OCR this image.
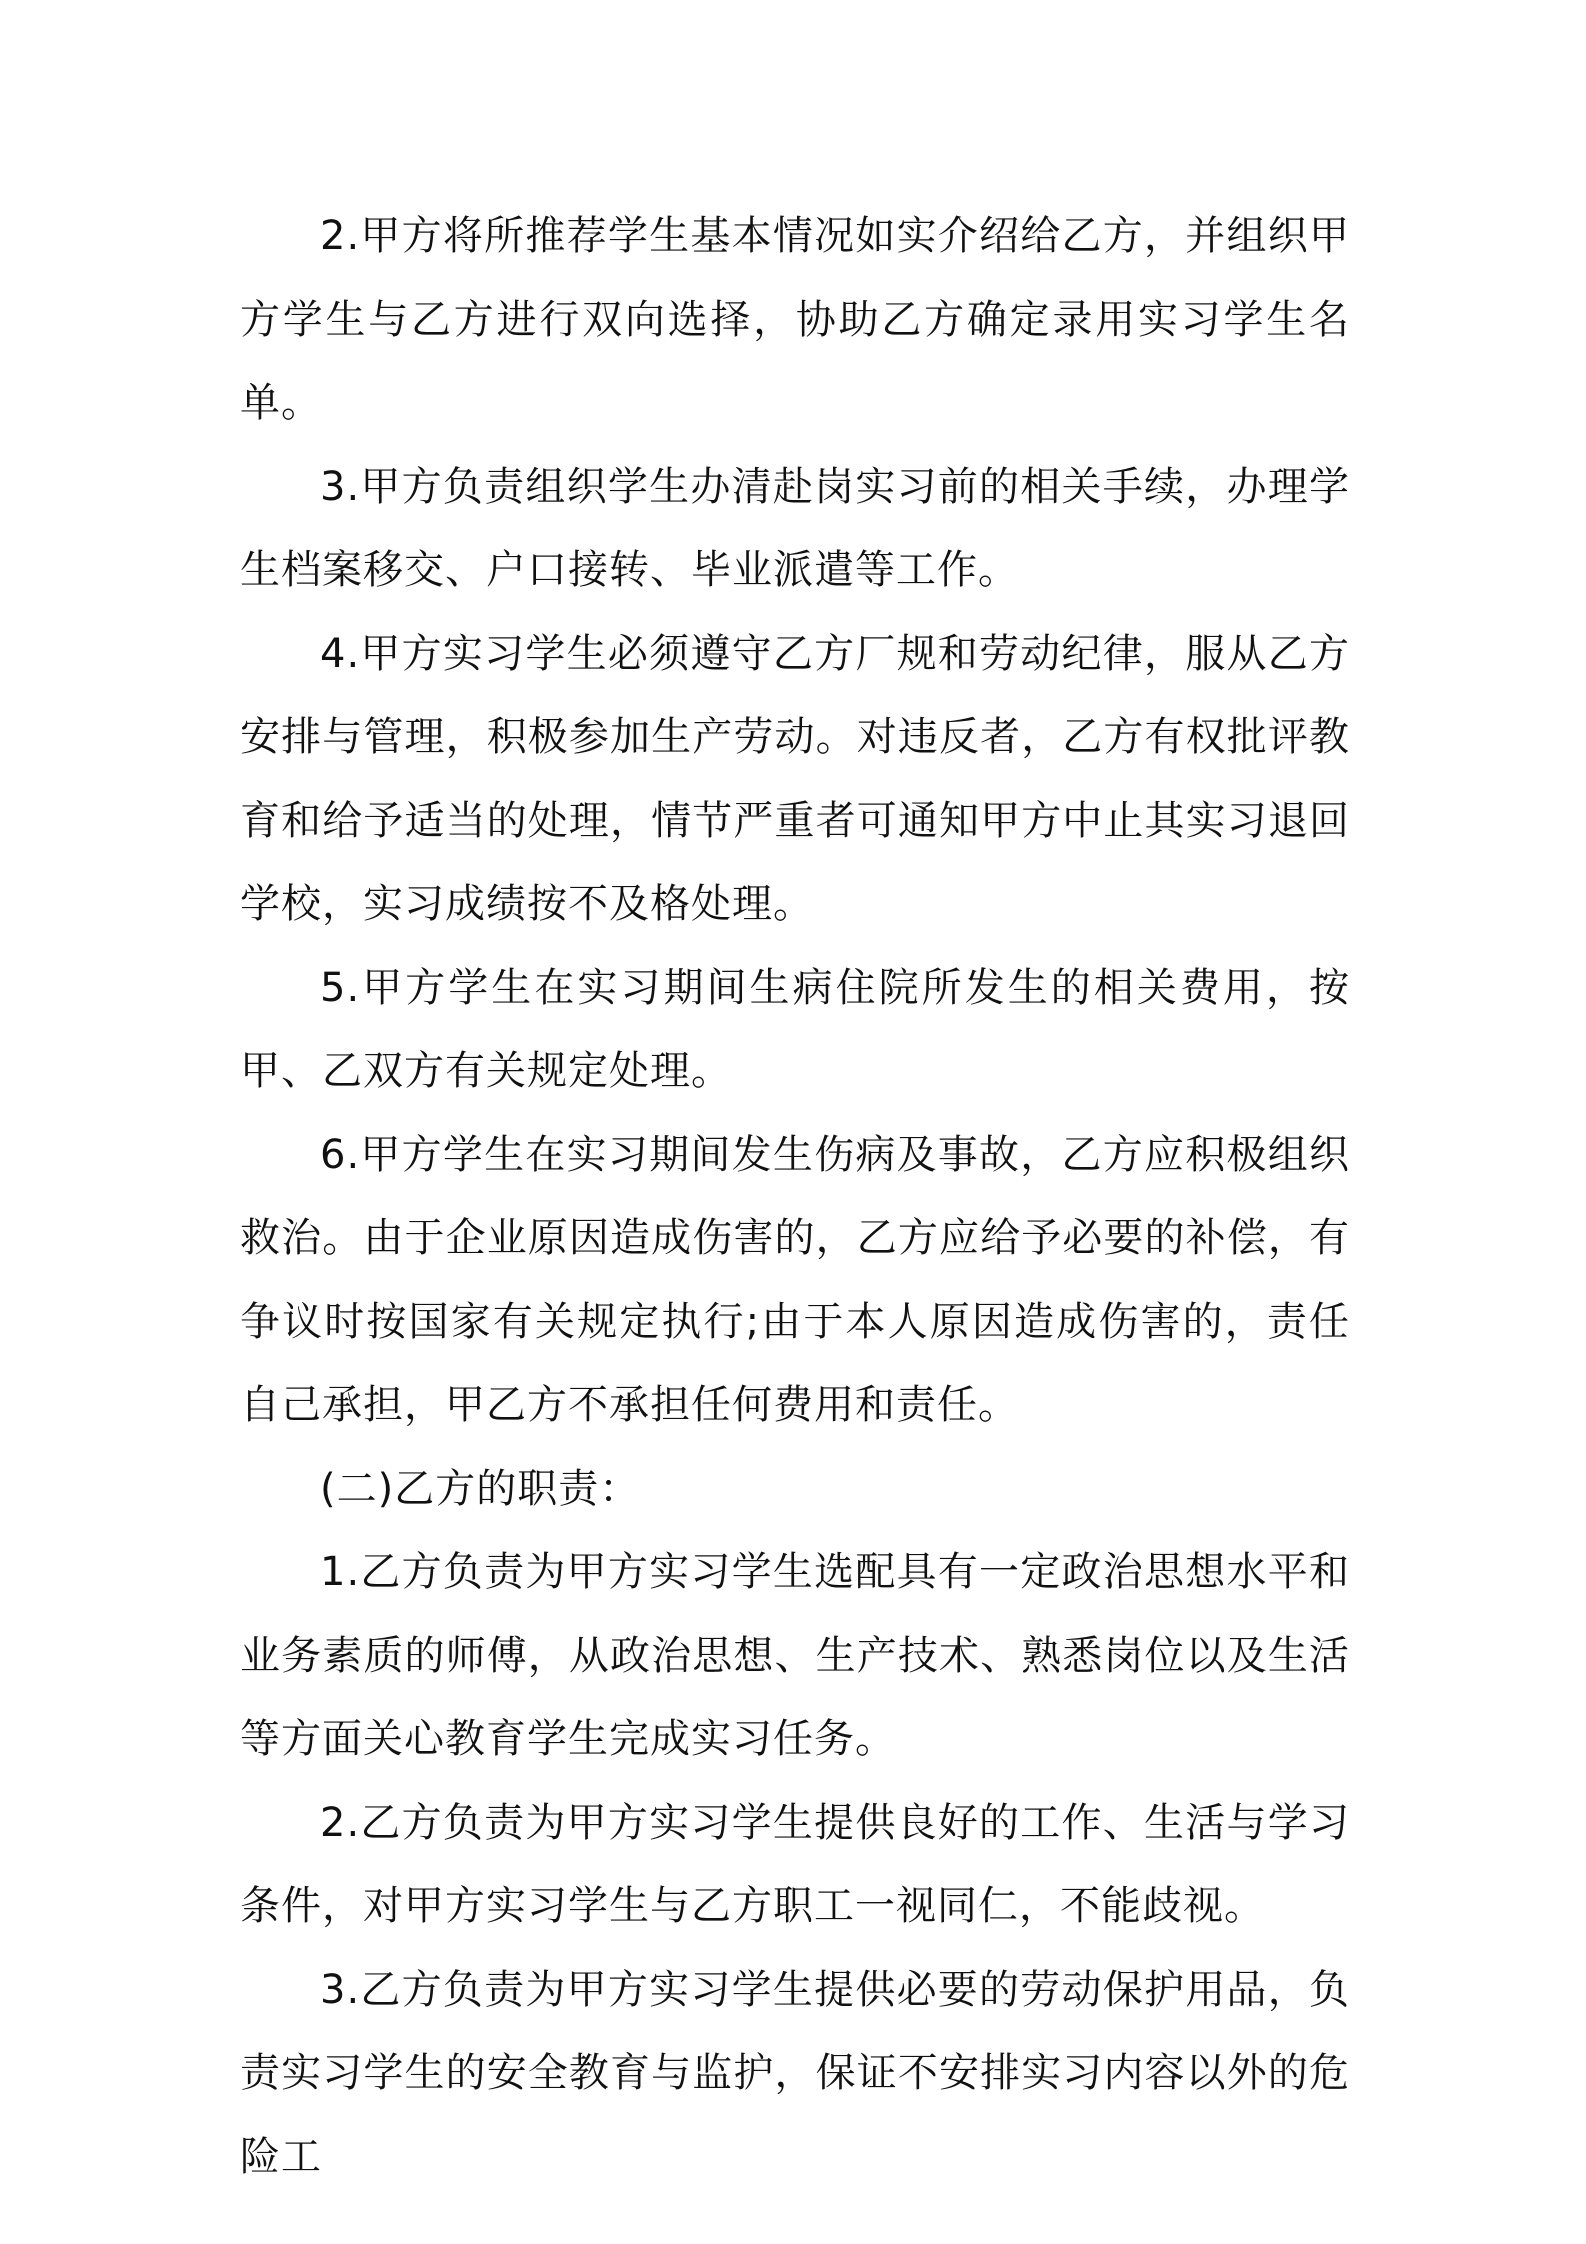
2.甲方将所推荐学生基本情况如实介绍给乙方，并组织甲方学生与乙方进行双向选择，协助乙方确定录用实习学生名单。

3.甲方负责组织学生办清赴岗实习前的相关手续，办理学生档案移交、户口接转、毕业派遣等工作。

4.甲方实习学生必须遵守乙方厂规和劳动纪律，服从乙方安排与管理，积极参加生产劳动。对违反者，乙方有权批评教育和给予适当的处理，情节严重者可通知甲方中止其实习退回学校，实习成绩按不及格处理。

5.甲方学生在实习期间生病住院所发生的相关费用，按甲、乙双方有关规定处理。

6.甲方学生在实习期间发生伤病及事故，乙方应积极组织救治。由于企业原因造成伤害的，乙方应给予必要的补偿，有争议时按国家有关规定执行;由于本人原因造成伤害的，责任自己承担，甲乙方不承担任何费用和责任。

(二)乙方的职责：

1.乙方负责为甲方实习学生选配具有一定政治思想水平和业务素质的师傅，从政治思想、生产技术、熟悉岗位以及生活等方面关心教育学生完成实习任务。

2.乙方负责为甲方实习学生提供良好的工作、生活与学习条件，对甲方实习学生与乙方职工一视同仁，不能歧视。

3.乙方负责为甲方实习学生提供必要的劳动保护用品，负责实习学生的安全教育与监护，保证不安排实习内容以外的危险工
